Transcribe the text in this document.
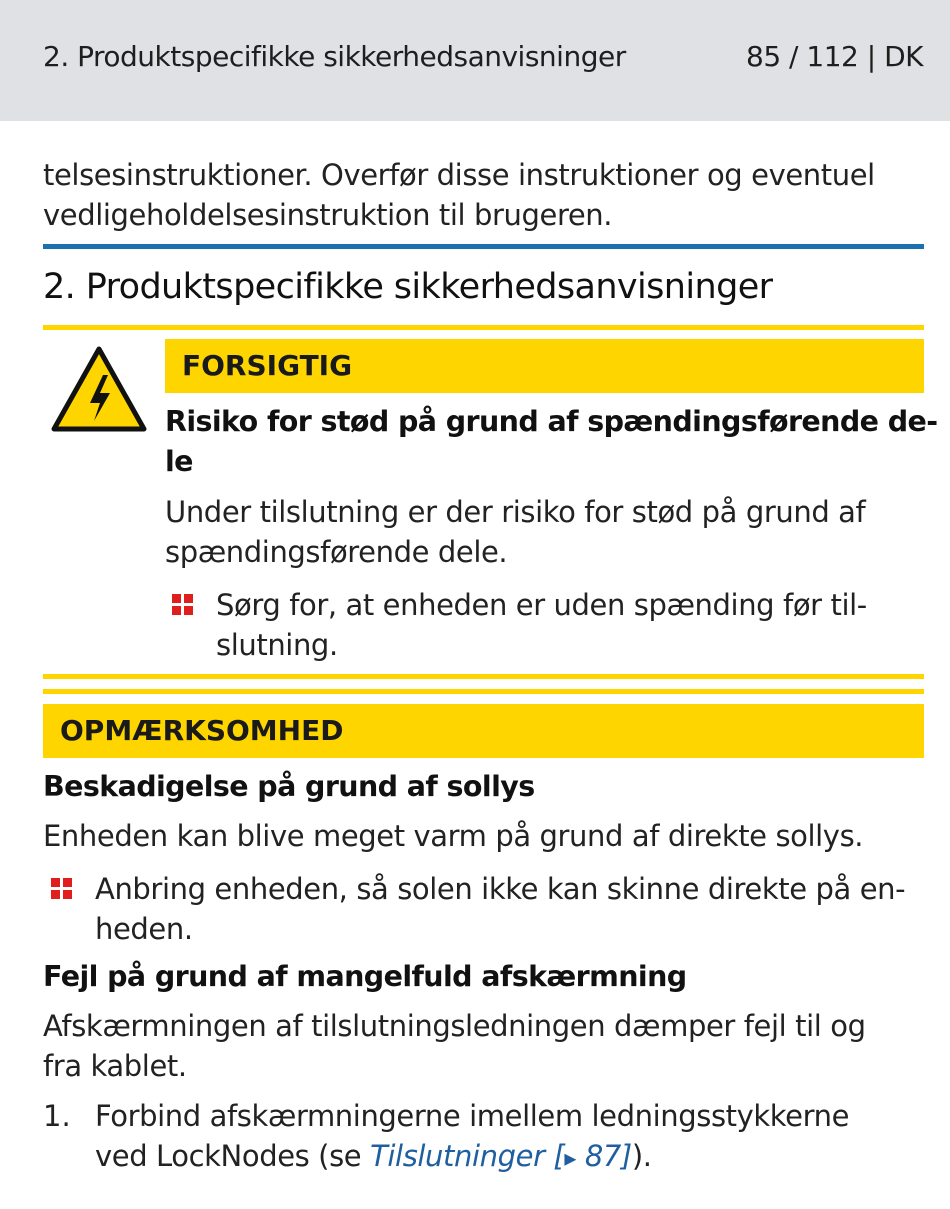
2. Produktspecifikke sikkerhedsanvisninger	85 / 112 | DK
telsesinstruktioner. Overfør disse instruktioner og eventuel
vedligeholdelsesinstruktion til brugeren.
2. Produktspecifikke sikkerhedsanvisninger
FORSIGTIG
Risiko for stød på grund af spændingsførende de-
le
Under tilslutning er der risiko for stød på grund af
spændingsførende dele.
Sørg for, at enheden er uden spænding før til-
slutning.
OPMÆRKSOMHED
Beskadigelse på grund af sollys
Enheden kan blive meget varm på grund af direkte sollys.
Anbring enheden, så solen ikke kan skinne direkte på en-
heden.
Fejl på grund af mangelfuld afskærmning
Afskærmningen af tilslutningsledningen dæmper fejl til og
fra kablet.
1. Forbind afskærmningerne imellem ledningsstykkerne
ved LockNodes (se Tilslutninger [▸ 87]).
